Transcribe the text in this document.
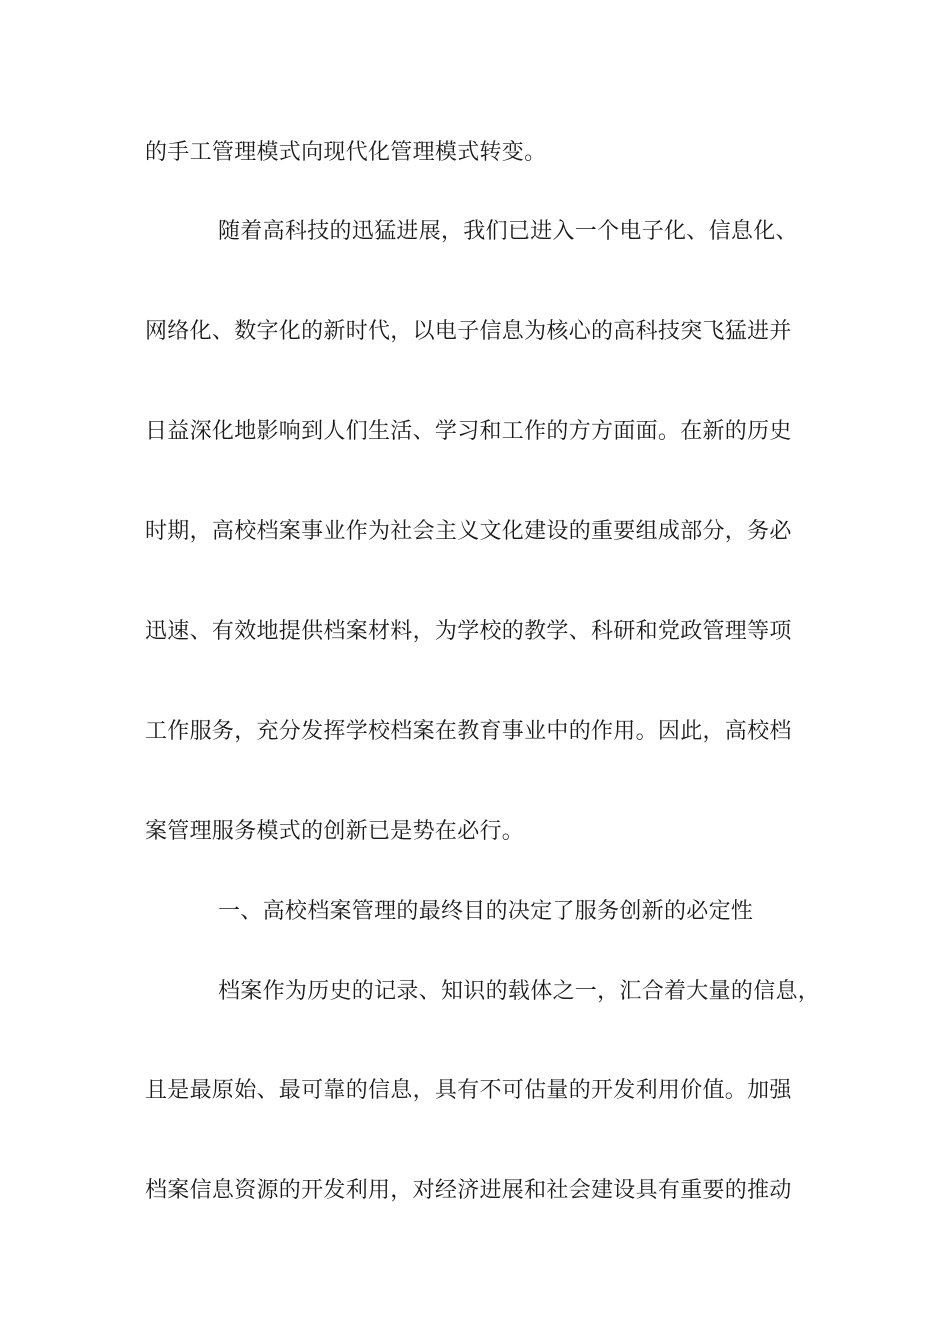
的手工管理模式向现代化管理模式转变。
随着高科技的迅猛进展，我们已进入一个电子化、信息化、
网络化、数字化的新时代，以电子信息为核心的高科技突飞猛进并
日益深化地影响到人们生活、学习和工作的方方面面。在新的历史
时期，高校档案事业作为社会主义文化建设的重要组成部分，务必
迅速、有效地提供档案材料，为学校的教学、科研和党政管理等项
工作服务，充分发挥学校档案在教育事业中的作用。因此，高校档
案管理服务模式的创新已是势在必行。
一、高校档案管理的最终目的决定了服务创新的必定性
档案作为历史的记录、知识的载体之一，汇合着大量的信息，
且是最原始、最可靠的信息，具有不可估量的开发利用价值。加强
档案信息资源的开发利用，对经济进展和社会建设具有重要的推动
